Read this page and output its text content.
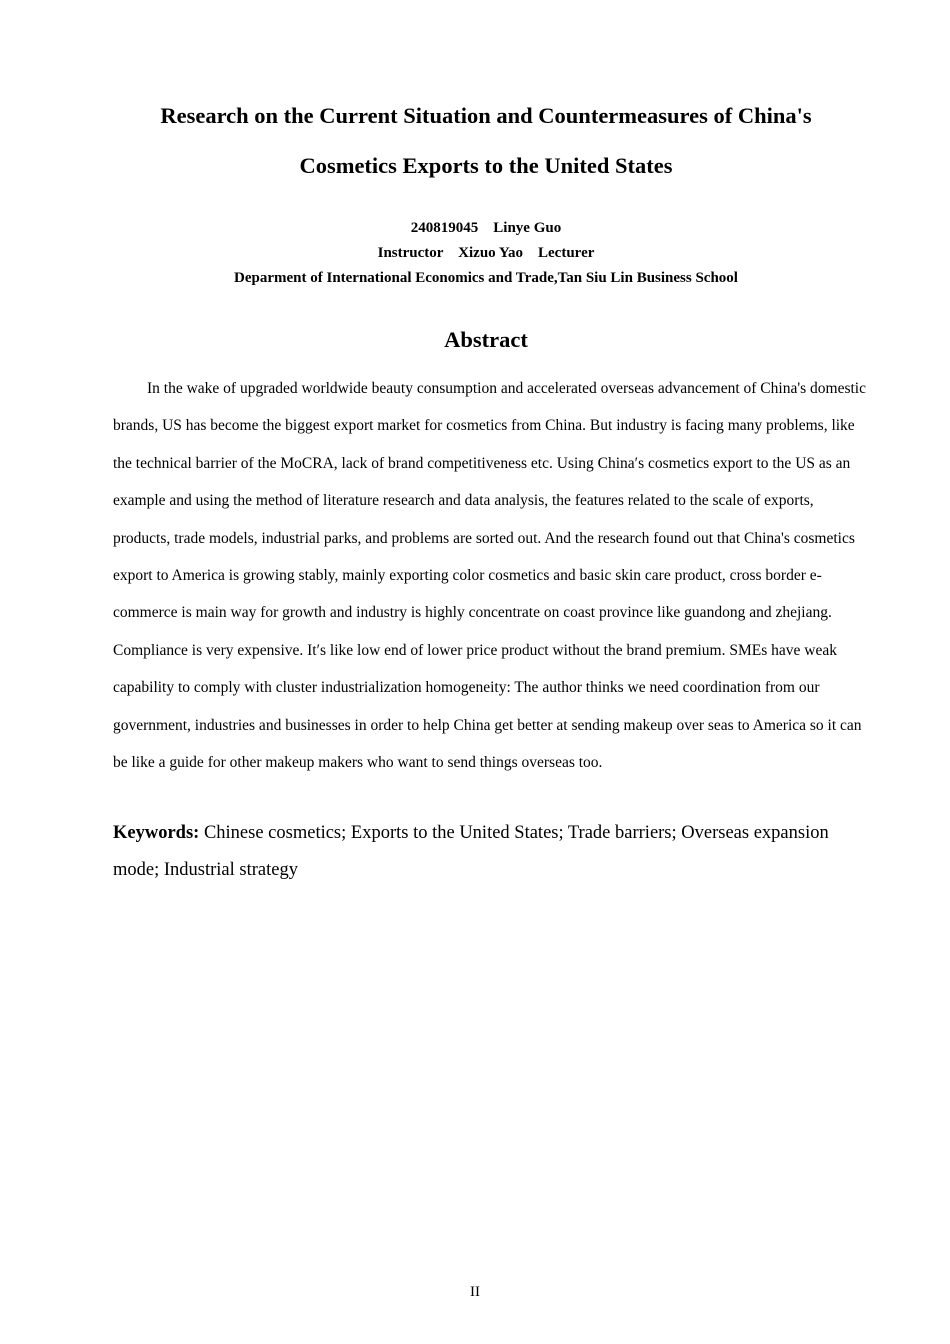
Research on the Current Situation and Countermeasures of China's
Cosmetics Exports to the United States
240819045    Linye Guo
Instructor    Xizuo Yao    Lecturer
Deparment of International Economics and Trade,Tan Siu Lin Business School
Abstract

In the wake of upgraded worldwide beauty consumption and accelerated overseas advancement of China's domestic brands, US has become the biggest export market for cosmetics from China. But industry is facing many problems, like the technical barrier of the MoCRA, lack of brand competitiveness etc. Using China′s cosmetics export to the US as an example and using the method of literature research and data analysis, the features related to the scale of exports, products, trade models, industrial parks, and problems are sorted out. And the research found out that China's cosmetics export to America is growing stably, mainly exporting color cosmetics and basic skin care product, cross border e-commerce is main way for growth and industry is highly concentrate on coast province like guandong and zhejiang. Compliance is very expensive. It′s like low end of lower price product without the brand premium. SMEs have weak capability to comply with cluster industrialization homogeneity: The author thinks we need coordination from our government, industries and businesses in order to help China get better at sending makeup over seas to America so it can be like a guide for other makeup makers who want to send things overseas too.

Keywords: Chinese cosmetics; Exports to the United States; Trade barriers; Overseas expansion mode; Industrial strategy

II
